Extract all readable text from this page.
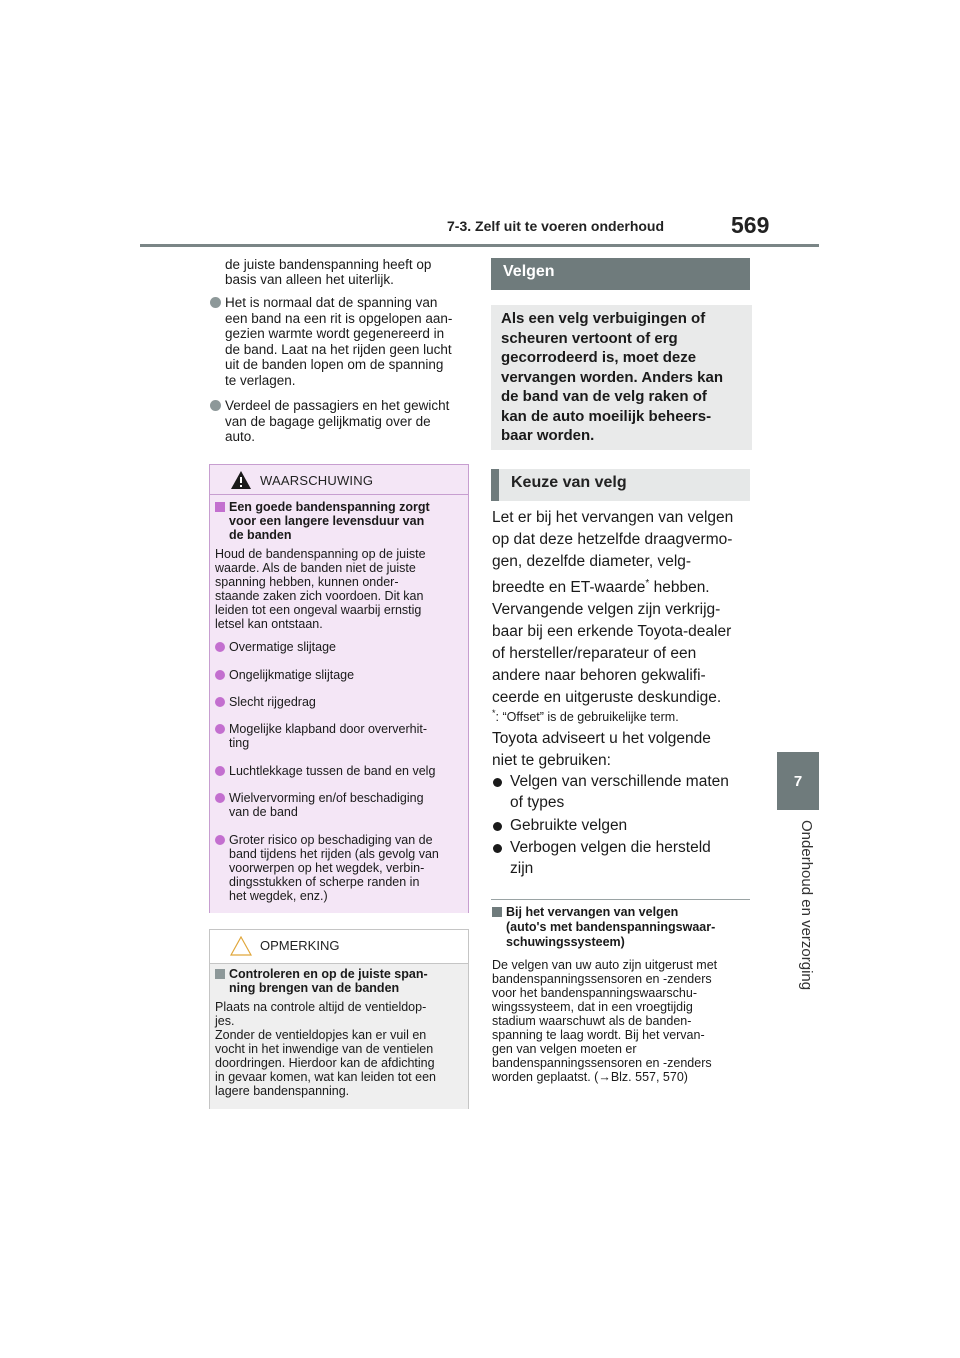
7-3. Zelf uit te voeren onderhoud	569
7
Onderhoud en verzorging
de juiste bandenspanning heeft op
basis van alleen het uiterlijk.
Het is normaal dat de spanning van
een band na een rit is opgelopen aan-
gezien warmte wordt gegenereerd in
de band. Laat na het rijden geen lucht
uit de banden lopen om de spanning
te verlagen.
Verdeel de passagiers en het gewicht
van de bagage gelijkmatig over de
auto.
WAARSCHUWING
Een goede bandenspanning zorgt
voor een langere levensduur van
de banden
Houd de bandenspanning op de juiste
waarde. Als de banden niet de juiste
spanning hebben, kunnen onder-
staande zaken zich voordoen. Dit kan
leiden tot een ongeval waarbij ernstig
letsel kan ontstaan.
Overmatige slijtage
Ongelijkmatige slijtage
Slecht rijgedrag
Mogelijke klapband door oververhit-
ting
Luchtlekkage tussen de band en velg
Wielvervorming en/of beschadiging
van de band
Groter risico op beschadiging van de
band tijdens het rijden (als gevolg van
voorwerpen op het wegdek, verbin-
dingsstukken of scherpe randen in
het wegdek, enz.)
OPMERKING
Controleren en op de juiste span-
ning brengen van de banden
Plaats na controle altijd de ventieldop-
jes.
Zonder de ventieldopjes kan er vuil en
vocht in het inwendige van de ventielen
doordringen. Hierdoor kan de afdichting
in gevaar komen, wat kan leiden tot een
lagere bandenspanning.
Velgen
Als een velg verbuigingen of
scheuren vertoont of erg
gecorrodeerd is, moet deze
vervangen worden. Anders kan
de band van de velg raken of
kan de auto moeilijk beheers-
baar worden.
Keuze van velg
Let er bij het vervangen van velgen
op dat deze hetzelfde draagvermo-
gen, dezelfde diameter, velg-
breedte en ET-waarde* hebben.
Vervangende velgen zijn verkrijg-
baar bij een erkende Toyota-dealer
of hersteller/reparateur of een
andere naar behoren gekwalifi-
ceerde en uitgeruste deskundige.
*: “Offset” is de gebruikelijke term.
Toyota adviseert u het volgende
niet te gebruiken:
Velgen van verschillende maten
of types
Gebruikte velgen
Verbogen velgen die hersteld
zijn
Bij het vervangen van velgen
(auto's met bandenspanningswaar-
schuwingssysteem)
De velgen van uw auto zijn uitgerust met
bandenspanningssensoren en -zenders
voor het bandenspanningswaarschu-
wingssysteem, dat in een vroegtijdig
stadium waarschuwt als de banden-
spanning te laag wordt. Bij het vervan-
gen van velgen moeten er
bandenspanningssensoren en -zenders
worden geplaatst. (→Blz. 557, 570)
